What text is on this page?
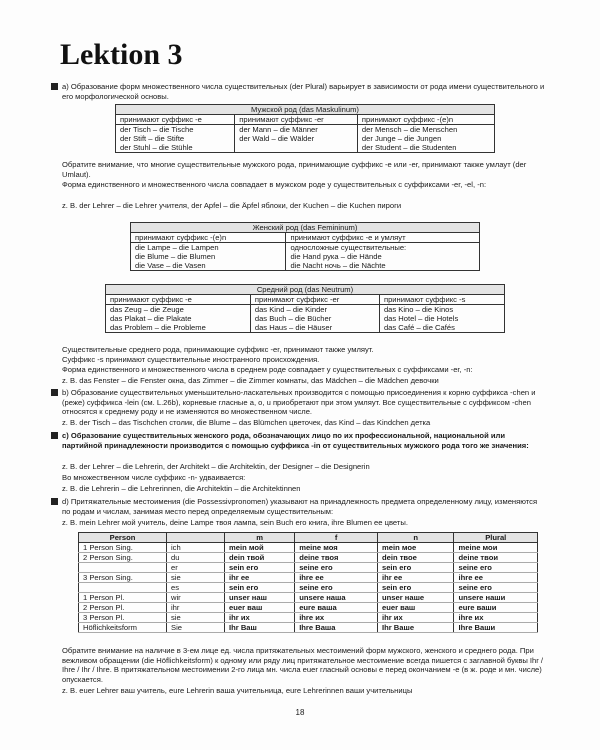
Lektion 3
а) Образование форм множественного числа существительных (der Plural) варьирует в зависимости от рода имени существительного и его морфологической основы.
Мужской род (das Maskulinum)		
принимают суффикс -e	принимают суффикс -er	принимают суффикс -(e)n
der Tisch – die Tische	der Mann – die Männer	der Mensch – die Menschen
der Stift – die Stifte	der Wald – die Wälder	der Junge – die Jungen
der Stuhl – die Stühle		der Student – die Studenten
Обратите внимание, что многие существительные мужского рода, принимающие суффикс -e или -er, принимают также умлаут (der Umlaut).
Форма единственного и множественного числа совпадает в мужском роде у существительных с суффиксами -er, -el, -n:
z. B. der Lehrer – die Lehrer учителя, der Apfel – die Äpfel яблоки, der Kuchen – die Kuchen пироги
Женский род (das Femininum)	
принимают суффикс -(e)n	принимают суффикс -e и умляут
die Lampe – die Lampen	односложные существительные:
die Blume – die Blumen	die Hand рука – die Hände
die Vase – die Vasen	die Nacht ночь – die Nächte
Средний род (das Neutrum)		
принимают суффикс -e	принимают суффикс -er	принимают суффикс -s
das Zeug – die Zeuge	das Kind – die Kinder	das Kino – die Kinos
das Plakat – die Plakate	das Buch – die Bücher	das Hotel – die Hotels
das Problem – die Probleme	das Haus – die Häuser	das Café – die Cafés
Существительные среднего рода, принимающие суффикс -er, принимают также умляут.
Суффикс -s принимают существительные иностранного происхождения.
Форма единственного и множественного числа в среднем роде совпадает у существительных с суффиксами -er, -n:
z. B. das Fenster – die Fenster окна, das Zimmer – die Zimmer комнаты, das Mädchen – die Mädchen девочки
b) Образование существительных уменьшительно-ласкательных производится с помощью присоединения к корню суффикса -chen и (реже) суффикса -lein (см. L.26b), корневые гласные a, o, u приобретают при этом умляут. Все существительные с суффиксом -chen относятся к среднему роду и не изменяются во множественном числе.
z. B. der Tisch – das Tischchen столик, die Blume – das Blümchen цветочек, das Kind – das Kindchen детка
c) Образование существительных женского рода, обозначающих лицо по их профессиональной, национальной или партийной принадлежности производится с помощью суффикса -in от существительных мужского рода того же значения:
z. B. der Lehrer – die Lehrerin, der Architekt – die Architektin, der Designer – die Designerin
Во множественном числе суффикс -n- удваивается:
z. B. die Lehrerin – die Lehrerinnen, die Architektin – die Architektinnen
d) Притяжательные местоимения (die Possessivpronomen) указывают на принадлежность предмета определенному лицу, изменяются по родам и числам, занимая место перед определяемым существительным:
z. B. mein Lehrer мой учитель, deine Lampe твоя лампа, sein Buch его книга, ihre Blumen ее цветы.
Person		m	f	n	Plural
1 Person Sing.	ich	mein мой	meine моя	mein мое	meine мои
2 Person Sing.	du	dein твой	deine твоя	dein твое	deine твои
	er	sein его	seine его	sein его	seine его
3 Person Sing.	sie	ihr ее	ihre ее	ihr ее	ihre ее
	es	sein его	seine его	sein его	seine его
1 Person Pl.	wir	unser наш	unsere наша	unser наше	unsere наши
2 Person Pl.	ihr	euer ваш	eure ваша	euer ваш	eure ваши
3 Person Pl.	sie	ihr их	ihre их	ihr их	ihre их
Höflichkeitsform	Sie	Ihr Ваш	Ihre Ваша	Ihr Ваше	Ihre Ваши
Обратите внимание на наличие в 3-ем лице ед. числа притяжательных местоимений форм мужского, женского и среднего рода. При вежливом обращении (die Höflichkeitsform) к одному или ряду лиц притяжательное местоимение всегда пишется с заглавной буквы Ihr / Ihre / Ihr / Ihre. В притяжательном местоимении 2-го лица мн. числа euer гласный основы e перед окончанием -e (в ж. роде и мн. числе) опускается.
z. B. euer Lehrer ваш учитель, eure Lehrerin ваша учительница, eure Lehrerinnen ваши учительницы
18
